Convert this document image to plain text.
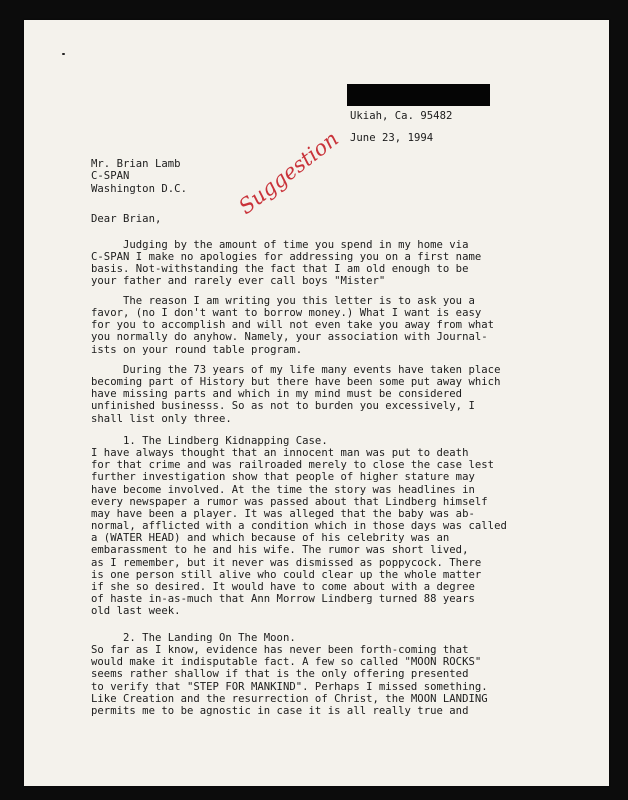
Suggestion

Ukiah, Ca. 95482

June 23, 1994

Mr. Brian Lamb

C-SPAN

Washington D.C.

Dear Brian,

Judging by the amount of time you spend in my home via
C-SPAN I make no apologies for addressing you on a first name
basis. Not-withstanding the fact that I am old enough to be
your father and rarely ever call boys "Mister"

The reason I am writing you this letter is to ask you a
favor, (no I don't want to borrow money.) What I want is easy
for you to accomplish and will not even take you away from what
you normally do anyhow. Namely, your association with Journal-
ists on your round table program.

During the 73 years of my life many events have taken place
becoming part of History but there have been some put away which
have missing parts and which in my mind must be considered
unfinished businesss. So as not to burden you excessively, I
shall list only three.

1. The Lindberg Kidnapping Case.
I have always thought that an innocent man was put to death
for that crime and was railroaded merely to close the case lest
further investigation show that people of higher stature may
have become involved. At the time the story was headlines in
every newspaper a rumor was passed about that Lindberg himself
may have been a player. It was alleged that the baby was ab-
normal, afflicted with a condition which in those days was called
a (WATER HEAD) and which because of his celebrity was an
embarassment to he and his wife. The rumor was short lived,
as I remember, but it never was dismissed as poppycock. There
is one person still alive who could clear up the whole matter
if she so desired. It would have to come about with a degree
of haste in-as-much that Ann Morrow Lindberg turned 88 years
old last week.

2. The Landing On The Moon.
So far as I know, evidence has never been forth-coming that
would make it indisputable fact. A few so called "MOON ROCKS"
seems rather shallow if that is the only offering presented
to verify that "STEP FOR MANKIND". Perhaps I missed something.
Like Creation and the resurrection of Christ, the MOON LANDING
permits me to be agnostic in case it is all really true and
